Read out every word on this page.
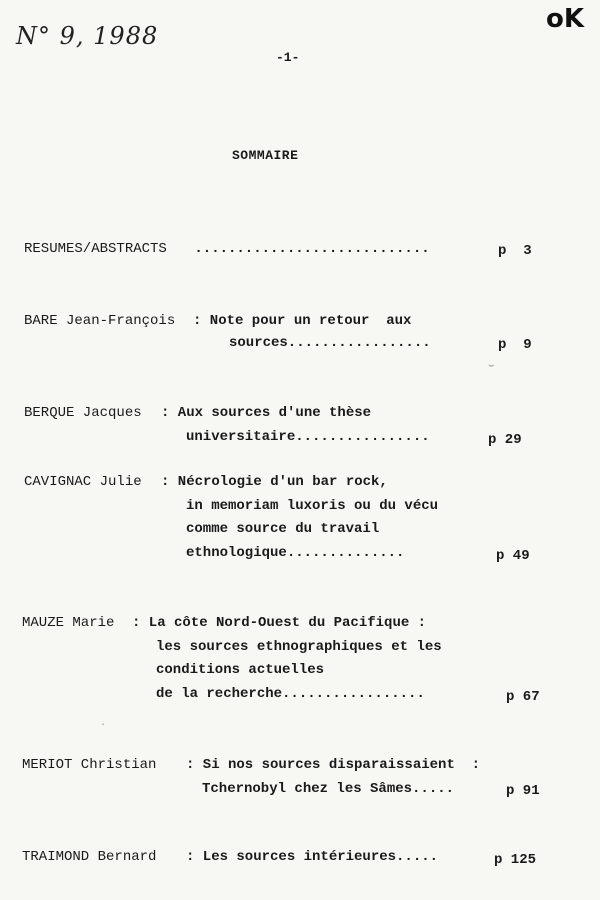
N° 9, 1988
oK
-1-
SOMMAIRE
RESUMES/ABSTRACTS ............................	p  3
BARE Jean-François : Note pour un retour  aux
sources.................	p  9
⌣
BERQUE Jacques : Aux sources d'une thèse
universitaire................	p 29
CAVIGNAC Julie : Nécrologie d'un bar rock,
in memoriam luxoris ou du vécu
comme source du travail
ethnologique..............	p 49
MAUZE Marie : La côte Nord-Ouest du Pacifique :
les sources ethnographiques et les
conditions actuelles
de la recherche.................	p 67
MERIOT Christian : Si nos sources disparaissaient  :
Tchernobyl chez les Sâmes.....	p 91
TRAIMOND Bernard : Les sources intérieures.....	p 125
·
